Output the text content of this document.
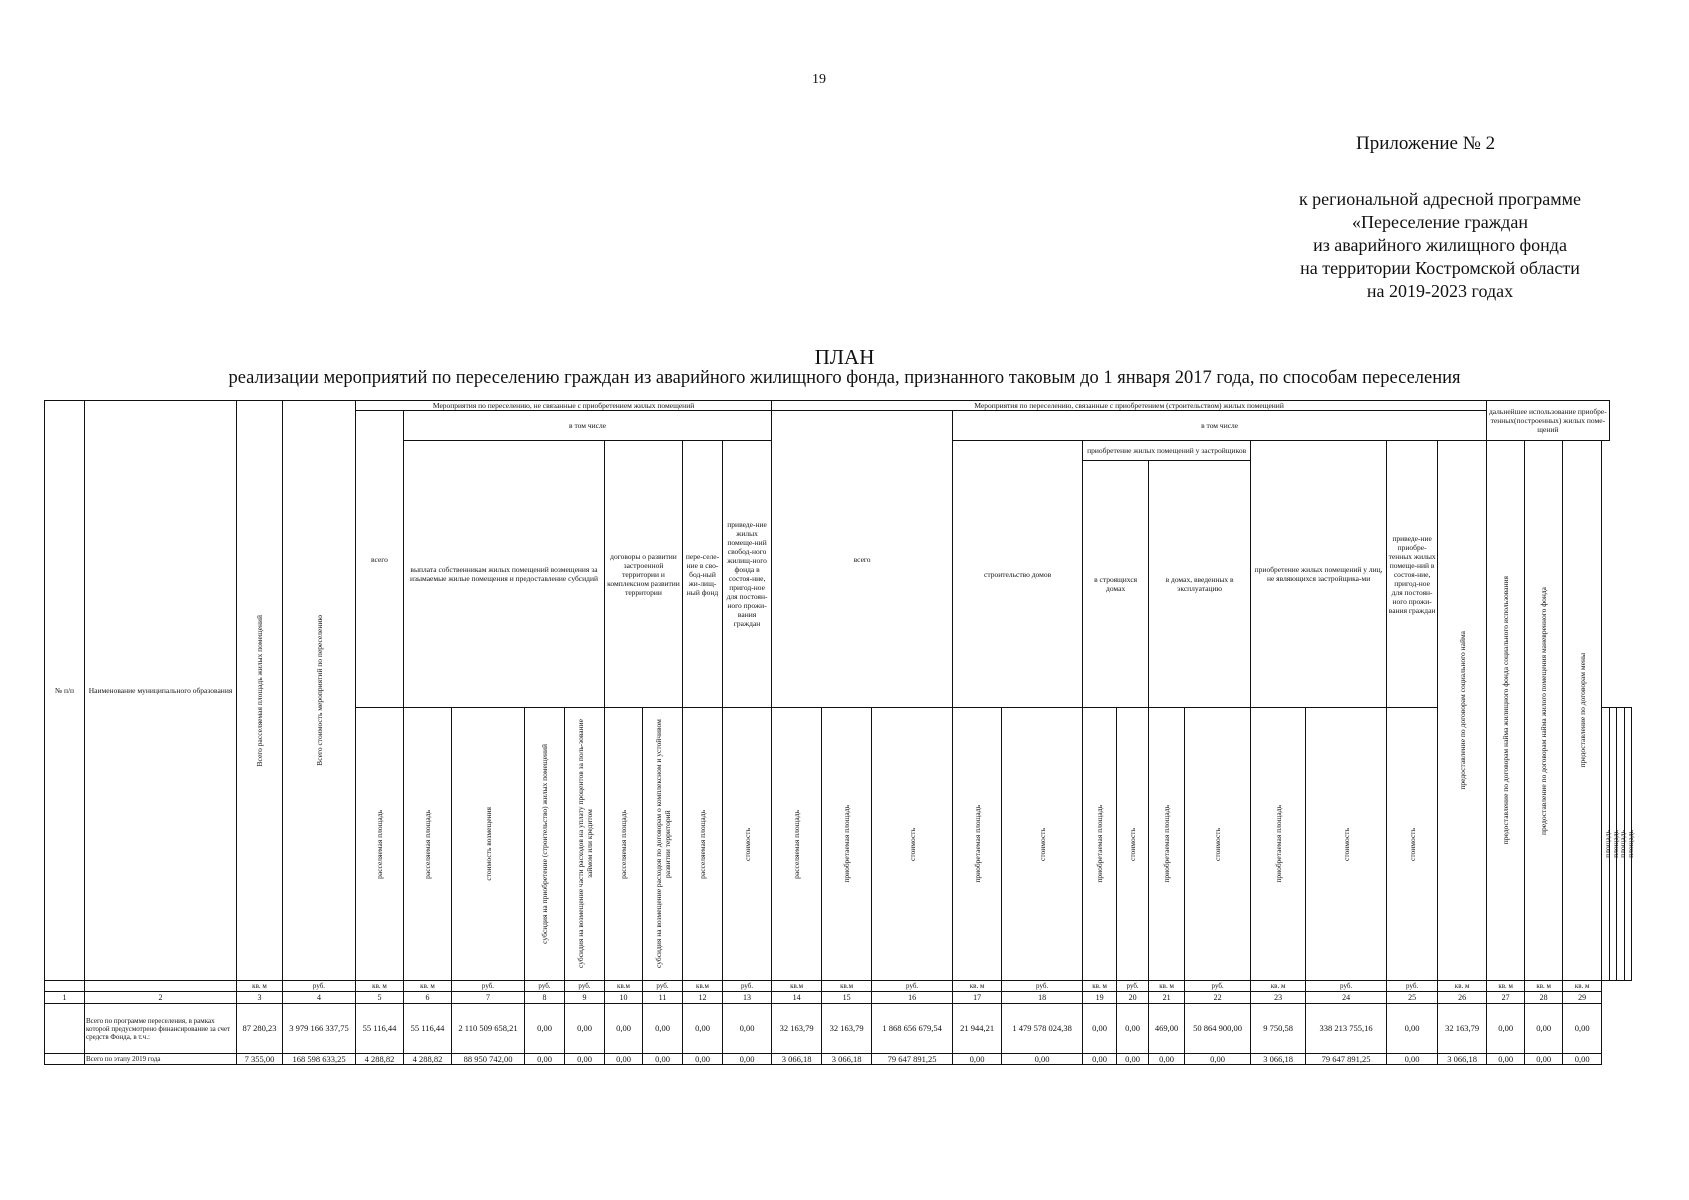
19
Приложение № 2
к региональной адресной программе
«Переселение граждан
из аварийного жилищного фонда
на территории Костромской области
на 2019-2023 годах
ПЛАН
реализации мероприятий по переселению граждан из аварийного жилищного фонда, признанного таковым до 1 января 2017 года, по способам переселения
№ п/п	Наименование муниципального образования	Всего расселяемая площадь жилых помещений	Всего стоимость мероприятий по переселению	Мероприятия по переселению, не связанные с приобретением жилых помещений									Мероприятия по переселению, связанные с приобретением (строительством) жилых помещений													дальнейшее использование приобре-тенных(построенных) жилых поме-щений						
				всего	в том числе								всего			в том числе																
					выплата собственникам жилых помещений возмещения за изымаемые жилые помещения и предоставление субсидий				договоры о развитии застроенной территории и комплексном развитии территории		пере-селе-ние в сво-бод-ный жи-лищ-ный фонд	приведе-ние жилых помеще-ний свобод-ного жилищ-ного фонда в состоя-ние, пригод-ное для постоян-ного прожи-вания граждан				строительство домов		приобретение жилых помещений у застройщиков				приобретение жилых помещений у лиц, не являющихся застройщика-ми		приведе-ние приобре-тенных жилых помеще-ний в состоя-ние, пригод-ное для постоян-ного прожи-вания граждан	предоставление по договорам социального найма	предоставление по договорам найма жилищного фонда социального использования	предоставление по договорам найма жилого помещения маневренного фонда	предоставление по договорам мены				

																		в строящихся домах		в домах, введенных в эксплуатацию												

				расселяемая площадь	расселяемая площадь	стоимость возмещения	субсидия на приобретение (строительство) жилых помещений	субсидия на возмещение части расходов на уплату процентов за поль-зование займом или кредитом	расселяемая площадь	субсидия на возмещение расходов по договорам о комплексном и устойчивом развитии территорий	расселяемая площадь	стоимость	расселяемая площадь	приобретаемая площадь	стоимость	приобретаемая площадь	стоимость	приобретаемая площадь	стоимость	приобретаемая площадь	стоимость	приобретаемая площадь	стоимость	стоимость					площадь	площадь	площадь	площадь

		кв. м	руб.	кв. м	кв. м	руб.	руб.	руб.	кв.м	руб.	кв.м	руб.	кв.м	кв.м	руб.	кв. м	руб.	кв. м	руб.	кв. м	руб.	кв. м	руб.	руб.	кв. м	кв. м	кв. м	кв. м				
1	2	3	4	5	6	7	8	9	10	11	12	13	14	15	16	17	18	19	20	21	22	23	24	25	26	27	28	29				
	Всего по программе переселения, в рамках которой предусмотрено финансирование за счет средств Фонда, в т.ч.:	87 280,23	3 979 166 337,75	55 116,44	55 116,44	2 110 509 658,21	0,00	0,00	0,00	0,00	0,00	0,00	32 163,79	32 163,79	1 868 656 679,54	21 944,21	1 479 578 024,38	0,00	0,00	469,00	50 864 900,00	9 750,58	338 213 755,16	0,00	32 163,79	0,00	0,00	0,00				
	Всего по этапу 2019 года	7 355,00	168 598 633,25	4 288,82	4 288,82	88 950 742,00	0,00	0,00	0,00	0,00	0,00	0,00	3 066,18	3 066,18	79 647 891,25	0,00	0,00	0,00	0,00	0,00	0,00	3 066,18	79 647 891,25	0,00	3 066,18	0,00	0,00	0,00				
